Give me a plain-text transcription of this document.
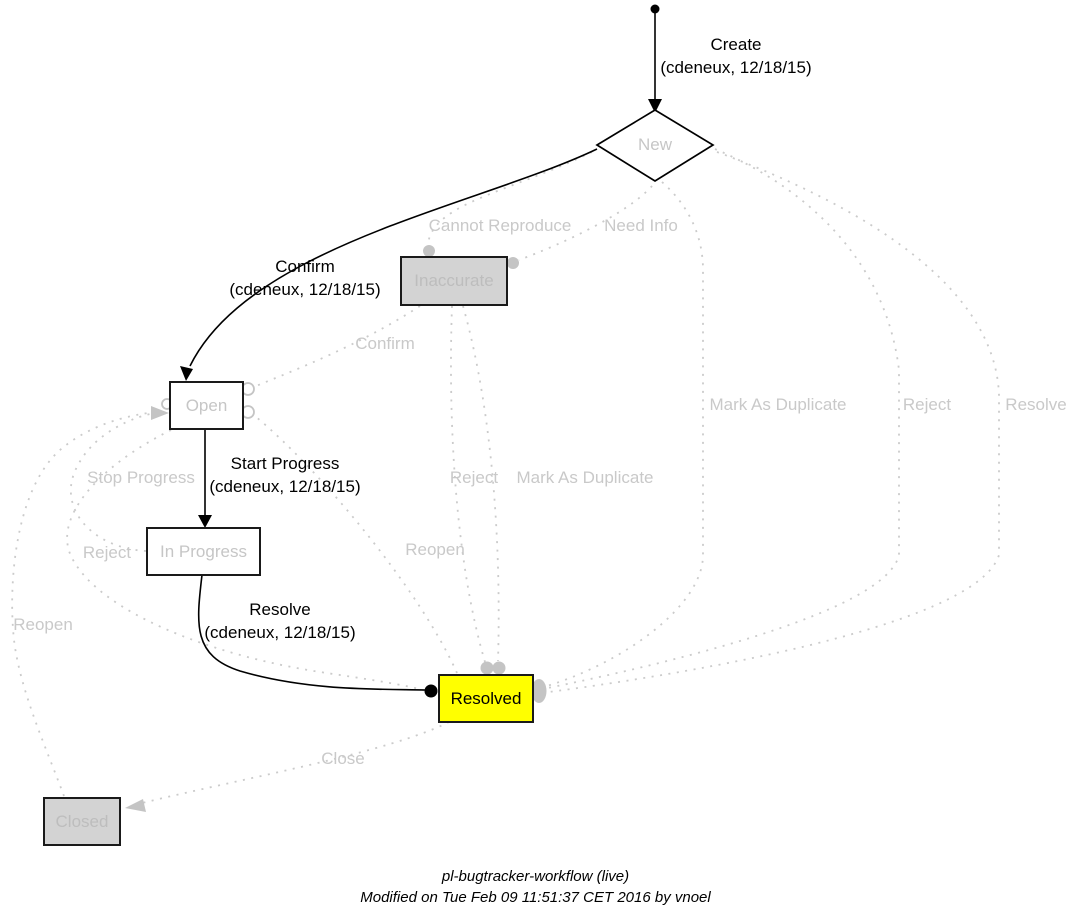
New
Inaccurate
Open
In Progress
Resolved
Closed
Create
(cdeneux, 12/18/15)
Confirm
(cdeneux, 12/18/15)
Start Progress
(cdeneux, 12/18/15)
Resolve
(cdeneux, 12/18/15)
Cannot Reproduce Need Info
Confirm
Mark As Duplicate	Reject	Resolve
Stop Progress	Reject Mark As Duplicate
Reject	Reopen
Reopen
Close
pl-bugtracker-workflow (live)
Modified on Tue Feb 09 11:51:37 CET 2016 by vnoel
